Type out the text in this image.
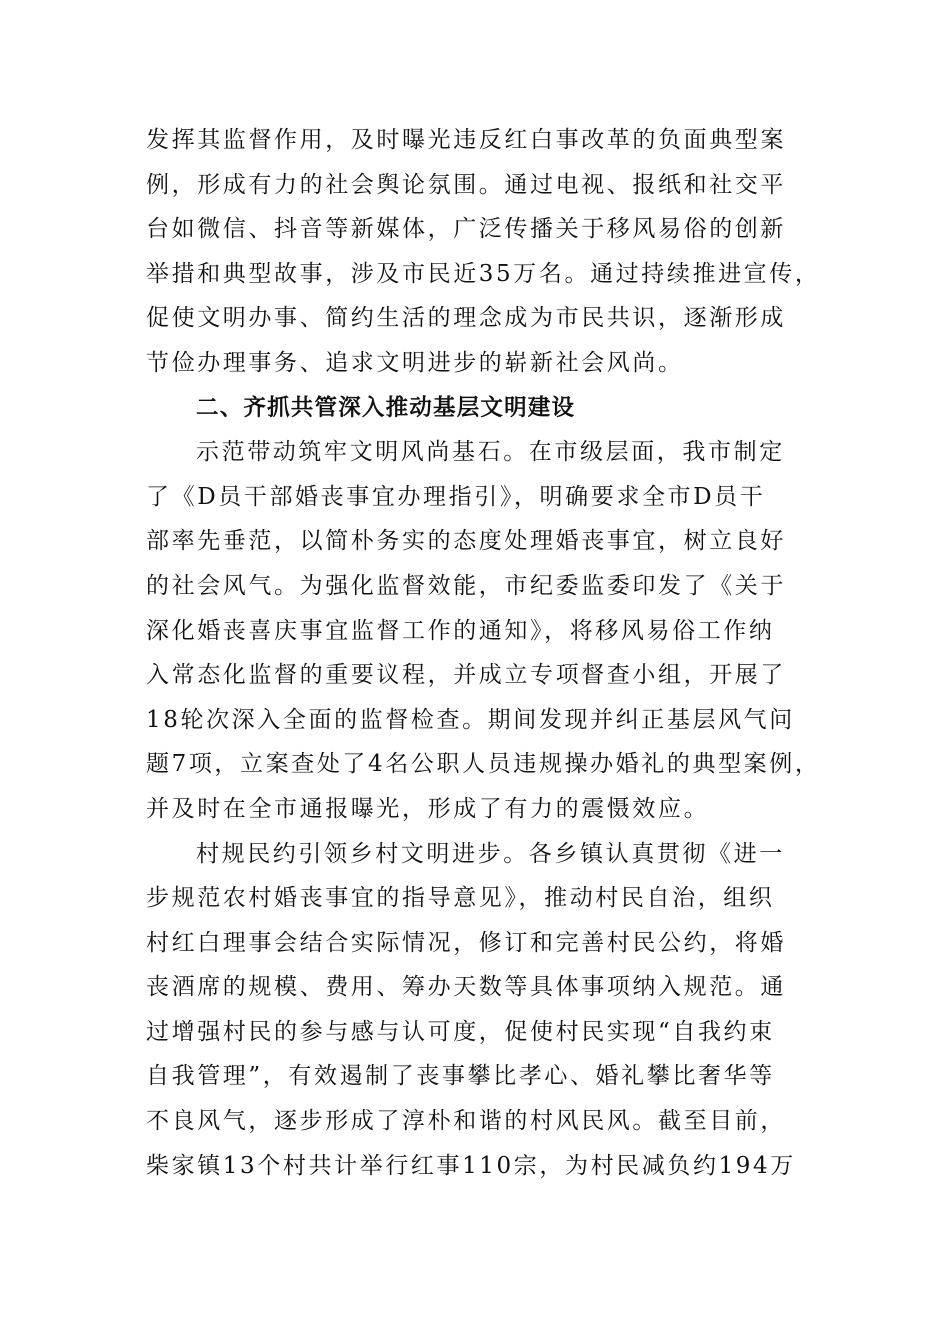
发挥其监督作用，及时曝光违反红白事改革的负面典型案
例，形成有力的社会舆论氛围。通过电视、报纸和社交平
台如微信、抖音等新媒体，广泛传播关于移风易俗的创新
举措和典型故事，涉及市民近35万名。通过持续推进宣传，
促使文明办事、简约生活的理念成为市民共识，逐渐形成
节俭办理事务、追求文明进步的崭新社会风尚。
二、齐抓共管深入推动基层文明建设
示范带动筑牢文明风尚基石。在市级层面，我市制定
了《D员干部婚丧事宜办理指引》，明确要求全市D员干
部率先垂范，以简朴务实的态度处理婚丧事宜，树立良好
的社会风气。为强化监督效能，市纪委监委印发了《关于
深化婚丧喜庆事宜监督工作的通知》，将移风易俗工作纳
入常态化监督的重要议程，并成立专项督查小组，开展了
18轮次深入全面的监督检查。期间发现并纠正基层风气问
题7项，立案查处了4名公职人员违规操办婚礼的典型案例，
并及时在全市通报曝光，形成了有力的震慑效应。
村规民约引领乡村文明进步。各乡镇认真贯彻《进一
步规范农村婚丧事宜的指导意见》，推动村民自治，组织
村红白理事会结合实际情况，修订和完善村民公约，将婚
丧酒席的规模、费用、筹办天数等具体事项纳入规范。通
过增强村民的参与感与认可度，促使村民实现“自我约束
自我管理”，有效遏制了丧事攀比孝心、婚礼攀比奢华等
不良风气，逐步形成了淳朴和谐的村风民风。截至目前，
柴家镇13个村共计举行红事110宗，为村民减负约194万
